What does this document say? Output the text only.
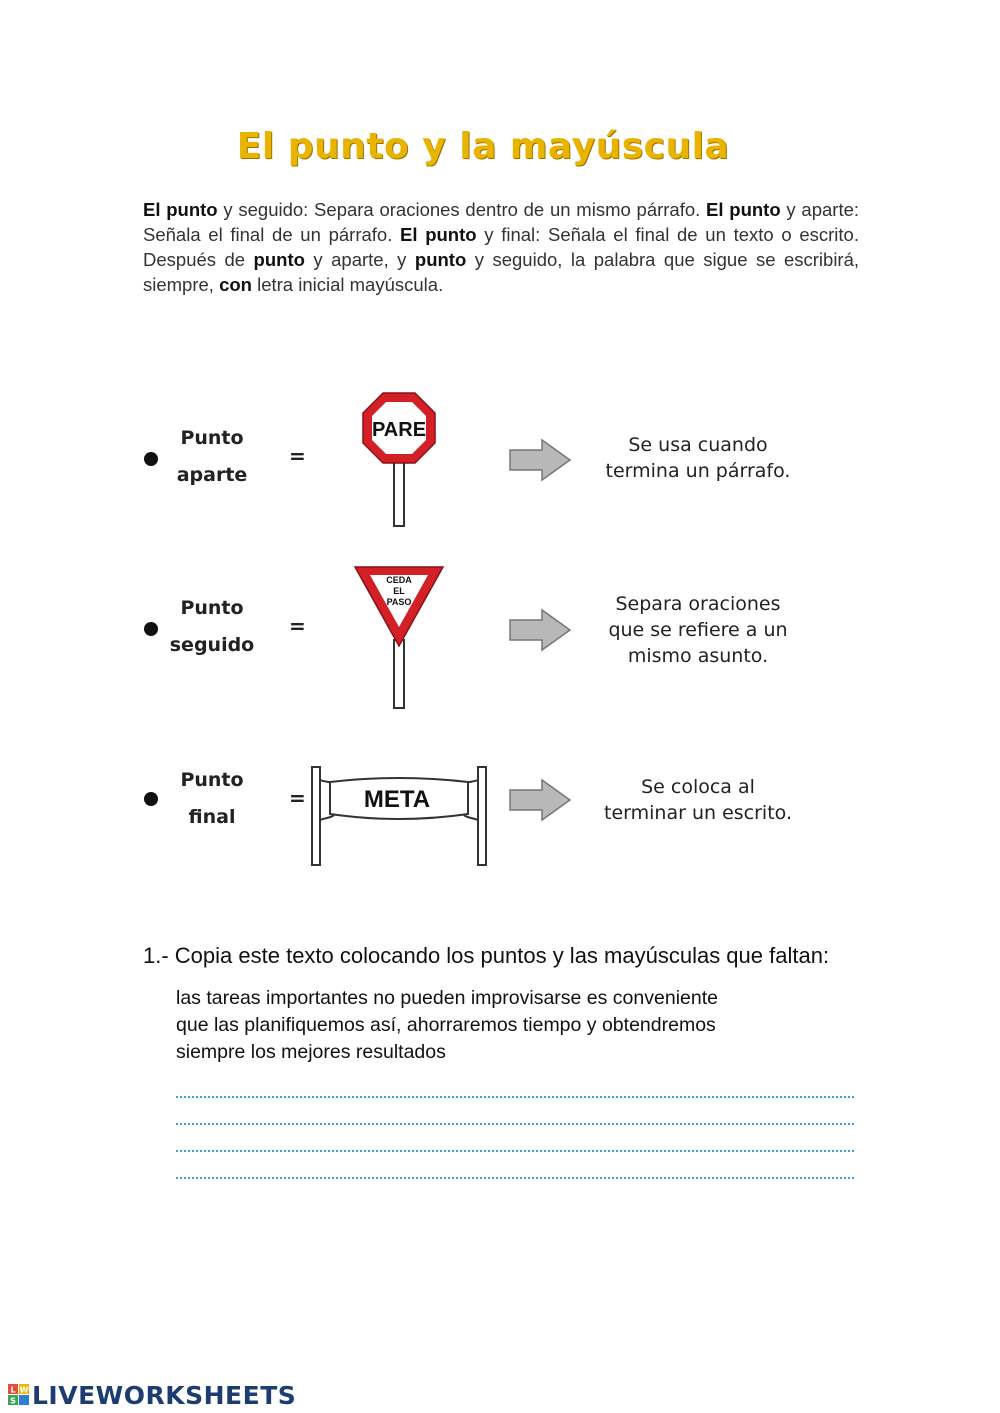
El punto y la mayúscula
El punto y seguido: Separa oraciones dentro de un mismo párrafo. El punto y aparte: Señala el final de un párrafo. El punto y final: Señala el final de un texto o escrito. Después de punto y aparte, y punto y seguido, la palabra que sigue se escribirá, siempre, con letra inicial mayúscula.
Punto
aparte
=
PARE
Se usa cuando
termina un párrafo.
Punto
seguido
=
CEDA
EL
PASO	Separa oraciones
que se refiere a un
mismo asunto.
Punto
final
= META	Se coloca al
terminar un escrito.
1.- Copia este texto colocando los puntos y las mayúsculas que faltan:
las tareas importantes no pueden improvisarse es conveniente
que las planifiquemos así, ahorraremos tiempo y obtendremos
siempre los mejores resultados
L W
S LIVEWORKSHEETS
